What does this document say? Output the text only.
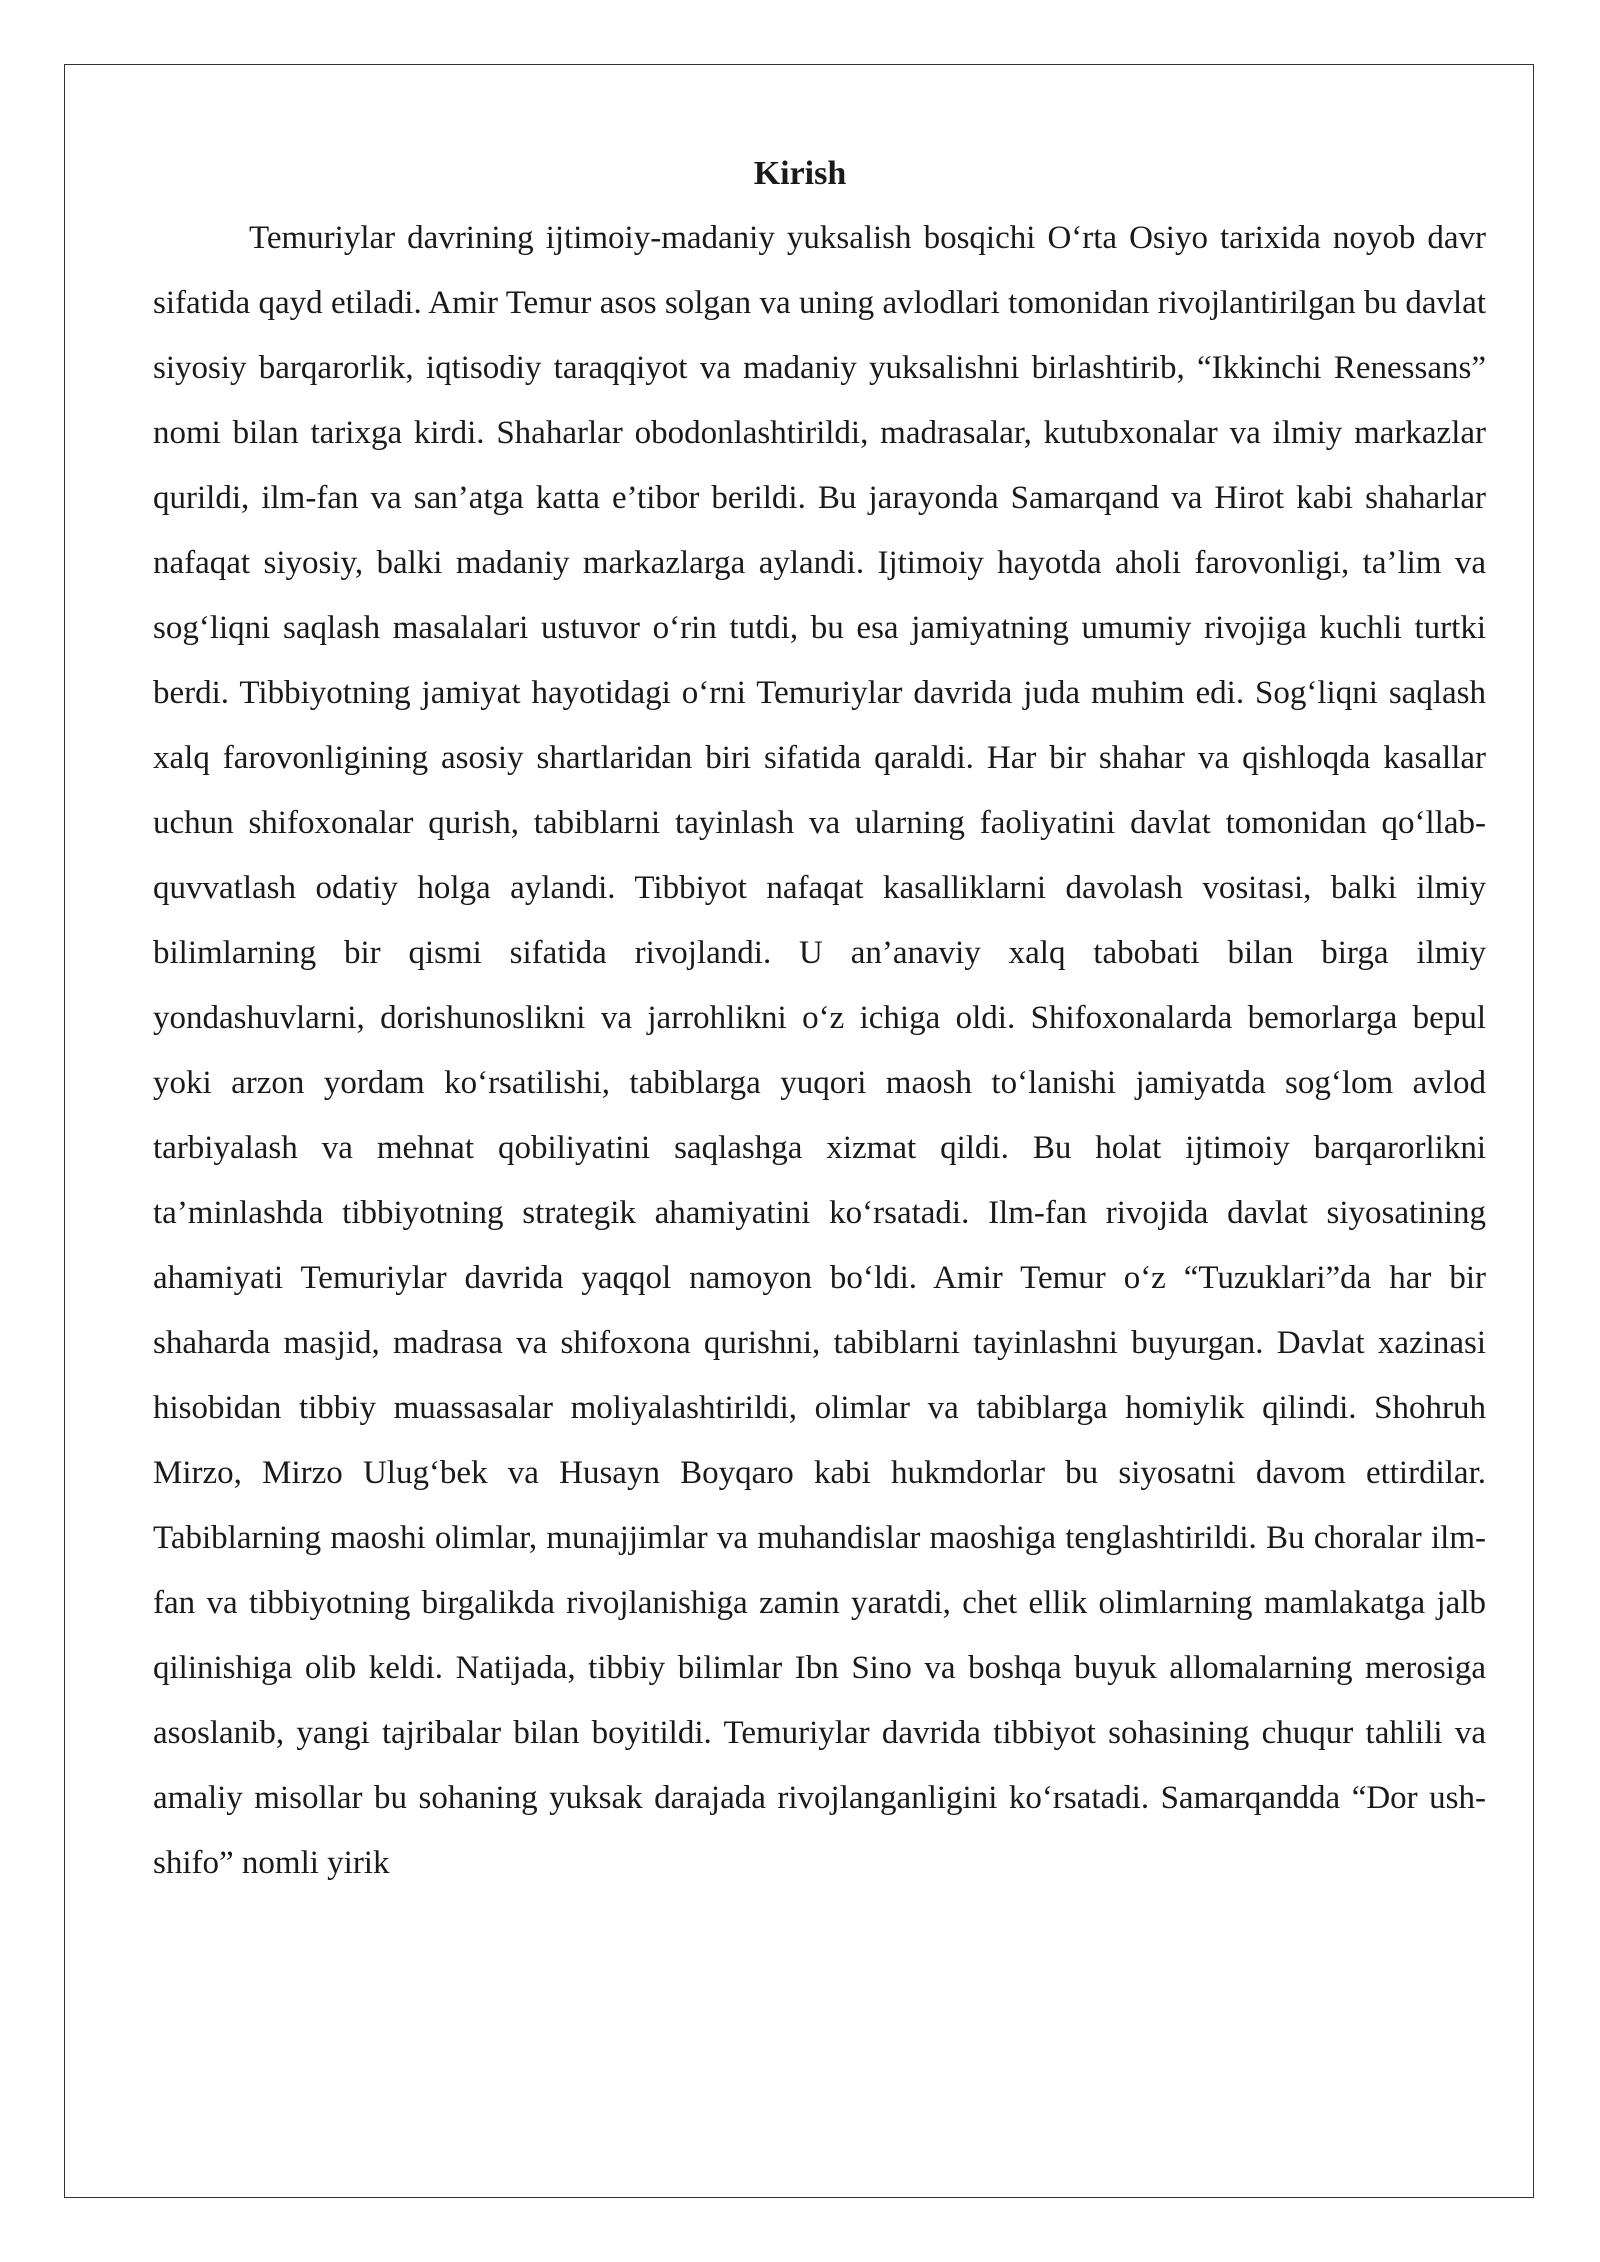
Kirish

Temuriylar davrining ijtimoiy-madaniy yuksalish bosqichi O‘rta Osiyo tarixida noyob davr sifatida qayd etiladi. Amir Temur asos solgan va uning avlodlari tomonidan rivojlantirilgan bu davlat siyosiy barqarorlik, iqtisodiy taraqqiyot va madaniy yuksalishni birlashtirib, “Ikkinchi Renessans” nomi bilan tarixga kirdi. Shaharlar obodonlashtirildi, madrasalar, kutubxonalar va ilmiy markazlar qurildi, ilm-fan va san’atga katta e’tibor berildi. Bu jarayonda Samarqand va Hirot kabi shaharlar nafaqat siyosiy, balki madaniy markazlarga aylandi. Ijtimoiy hayotda aholi farovonligi, ta’lim va sog‘liqni saqlash masalalari ustuvor o‘rin tutdi, bu esa jamiyatning umumiy rivojiga kuchli turtki berdi. Tibbiyotning jamiyat hayotidagi o‘rni Temuriylar davrida juda muhim edi. Sog‘liqni saqlash xalq farovonligining asosiy shartlaridan biri sifatida qaraldi. Har bir shahar va qishloqda kasallar uchun shifoxonalar qurish, tabiblarni tayinlash va ularning faoliyatini davlat tomonidan qo‘llab-quvvatlash odatiy holga aylandi. Tibbiyot nafaqat kasalliklarni davolash vositasi, balki ilmiy bilimlarning bir qismi sifatida rivojlandi. U an’anaviy xalq tabobati bilan birga ilmiy yondashuvlarni, dorishunoslikni va jarrohlikni o‘z ichiga oldi. Shifoxonalarda bemorlarga bepul yoki arzon yordam ko‘rsatilishi, tabiblarga yuqori maosh to‘lanishi jamiyatda sog‘lom avlod tarbiyalash va mehnat qobiliyatini saqlashga xizmat qildi. Bu holat ijtimoiy barqarorlikni ta’minlashda tibbiyotning strategik ahamiyatini ko‘rsatadi. Ilm-fan rivojida davlat siyosatining ahamiyati Temuriylar davrida yaqqol namoyon bo‘ldi. Amir Temur o‘z “Tuzuklari”da har bir shaharda masjid, madrasa va shifoxona qurishni, tabiblarni tayinlashni buyurgan. Davlat xazinasi hisobidan tibbiy muassasalar moliyalashtirildi, olimlar va tabiblarga homiylik qilindi. Shohruh Mirzo, Mirzo Ulug‘bek va Husayn Boyqaro kabi hukmdorlar bu siyosatni davom ettirdilar. Tabiblarning maoshi olimlar, munajjimlar va muhandislar maoshiga tenglashtirildi. Bu choralar ilm-fan va tibbiyotning birgalikda rivojlanishiga zamin yaratdi, chet ellik olimlarning mamlakatga jalb qilinishiga olib keldi. Natijada, tibbiy bilimlar Ibn Sino va boshqa buyuk allomalarning merosiga asoslanib, yangi tajribalar bilan boyitildi. Temuriylar davrida tibbiyot sohasining chuqur tahlili va amaliy misollar bu sohaning yuksak darajada rivojlanganligini ko‘rsatadi. Samarqandda “Dor ush-shifo” nomli yirik
